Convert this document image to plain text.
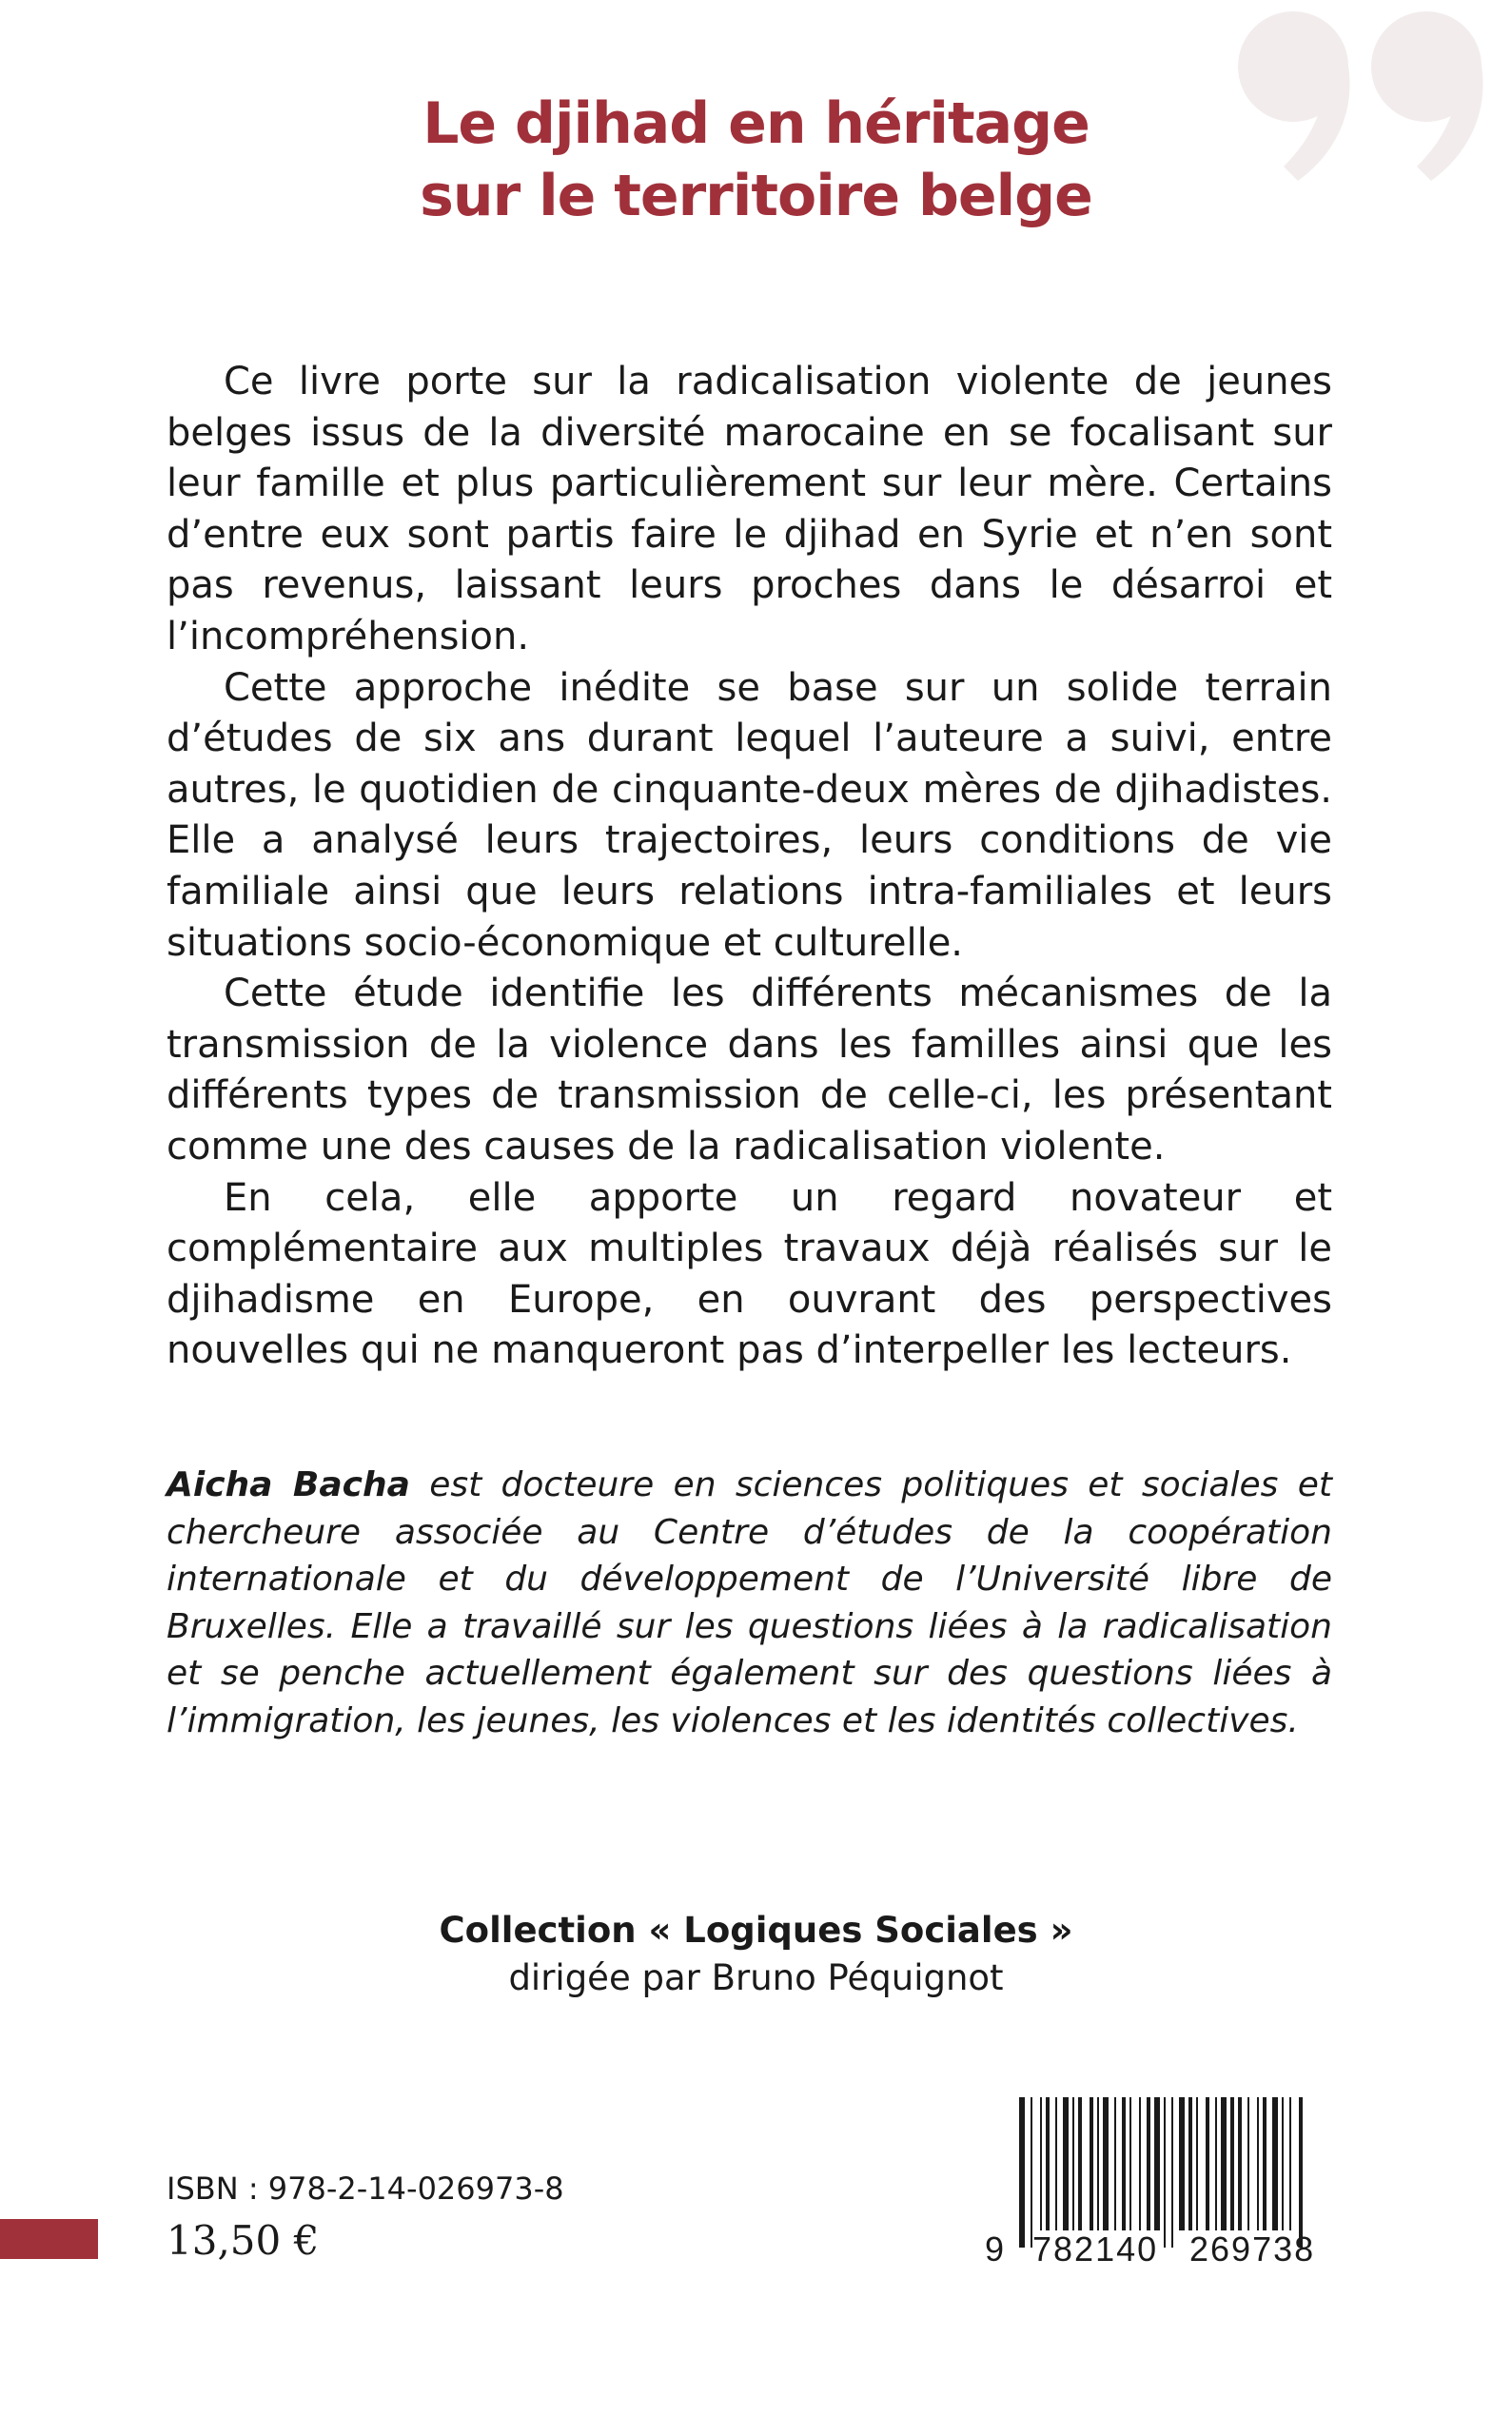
Le djihad en héritage
sur le territoire belge

Ce livre porte sur la radicalisation violente de jeunes belges issus de la diversité marocaine en se focalisant sur leur famille et plus particulièrement sur leur mère. Certains d’entre eux sont partis faire le djihad en Syrie et n’en sont pas revenus, laissant leurs proches dans le désarroi et l’incompréhension.

Cette approche inédite se base sur un solide terrain d’études de six ans durant lequel l’auteure a suivi, entre autres, le quotidien de cinquante-deux mères de djihadistes. Elle a analysé leurs trajectoires, leurs conditions de vie familiale ainsi que leurs relations intra-familiales et leurs situations socio-économique et culturelle.

Cette étude identifie les différents mécanismes de la transmission de la violence dans les familles ainsi que les différents types de transmission de celle-ci, les présentant comme une des causes de la radicalisation violente.

En cela, elle apporte un regard novateur et complémentaire aux multiples travaux déjà réalisés sur le djihadisme en Europe, en ouvrant des perspectives nouvelles qui ne manqueront pas d’interpeller les lecteurs.

Aicha Bacha est docteure en sciences politiques et sociales et chercheure associée au Centre d’études de la coopération internationale et du développement de l’Université libre de Bruxelles. Elle a travaillé sur les questions liées à la radicalisation et se penche actuellement également sur des questions liées à l’immigration, les jeunes, les violences et les identités collectives.

Collection « Logiques Sociales »
dirigée par Bruno Péquignot
ISBN : 978-2-14-026973-8
13,50 €	9 782140 269738
